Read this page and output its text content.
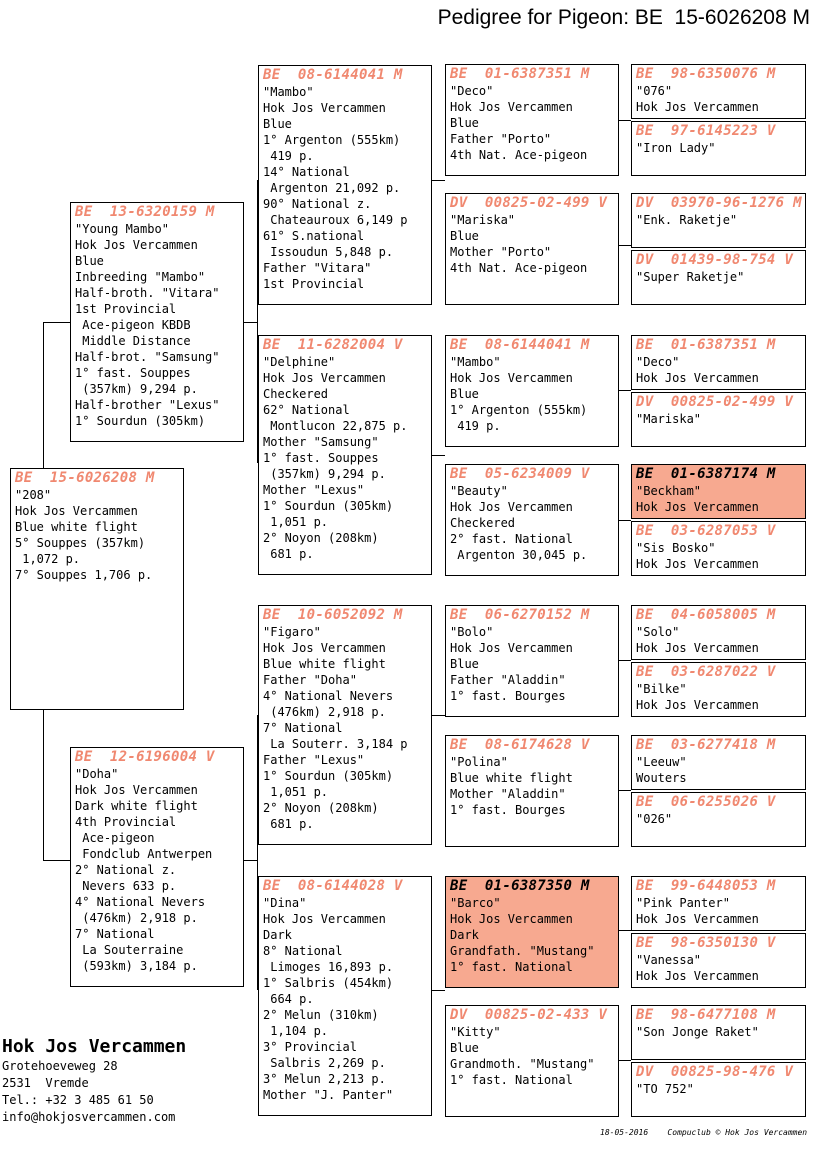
Pedigree for Pigeon: BE  15-6026208 M
BE  15-6026208 M
"208"
Hok Jos Vercammen
Blue white flight
5° Souppes (357km)
1,072 p.
7° Souppes 1,706 p.
BE  13-6320159 M
"Young Mambo"
Hok Jos Vercammen
Blue
Inbreeding "Mambo"
Half-broth. "Vitara"
1st Provincial
Ace-pigeon KBDB
Middle Distance
Half-brot. "Samsung"
1° fast. Souppes
(357km) 9,294 p.
Half-brother "Lexus"
1° Sourdun (305km)
BE  12-6196004 V
"Doha"
Hok Jos Vercammen
Dark white flight
4th Provincial
Ace-pigeon
Fondclub Antwerpen
2° National z.
Nevers 633 p.
4° National Nevers
(476km) 2,918 p.
7° National
La Souterraine
(593km) 3,184 p.
BE  08-6144041 M
"Mambo"
Hok Jos Vercammen
Blue
1° Argenton (555km)
419 p.
14° National
Argenton 21,092 p.
90° National z.
Chateauroux 6,149 p
61° S.national
Issoudun 5,848 p.
Father "Vitara"
1st Provincial
BE  11-6282004 V
"Delphine"
Hok Jos Vercammen
Checkered
62° National
Montlucon 22,875 p.
Mother "Samsung"
1° fast. Souppes
(357km) 9,294 p.
Mother "Lexus"
1° Sourdun (305km)
1,051 p.
2° Noyon (208km)
681 p.
BE  10-6052092 M
"Figaro"
Hok Jos Vercammen
Blue white flight
Father "Doha"
4° National Nevers
(476km) 2,918 p.
7° National
La Souterr. 3,184 p
Father "Lexus"
1° Sourdun (305km)
1,051 p.
2° Noyon (208km)
681 p.
BE  08-6144028 V
"Dina"
Hok Jos Vercammen
Dark
8° National
Limoges 16,893 p.
1° Salbris (454km)
664 p.
2° Melun (310km)
1,104 p.
3° Provincial
Salbris 2,269 p.
3° Melun 2,213 p.
Mother "J. Panter"
BE  01-6387351 M
"Deco"
Hok Jos Vercammen
Blue
Father "Porto"
4th Nat. Ace-pigeon
DV  00825-02-499 V
"Mariska"
Blue
Mother "Porto"
4th Nat. Ace-pigeon
BE  08-6144041 M
"Mambo"
Hok Jos Vercammen
Blue
1° Argenton (555km)
419 p.
BE  05-6234009 V
"Beauty"
Hok Jos Vercammen
Checkered
2° fast. National
Argenton 30,045 p.
BE  06-6270152 M
"Bolo"
Hok Jos Vercammen
Blue
Father "Aladdin"
1° fast. Bourges
BE  08-6174628 V
"Polina"
Blue white flight
Mother "Aladdin"
1° fast. Bourges
BE  01-6387350 M
"Barco"
Hok Jos Vercammen
Dark
Grandfath. "Mustang"
1° fast. National
DV  00825-02-433 V
"Kitty"
Blue
Grandmoth. "Mustang"
1° fast. National
BE  98-6350076 M
"076"
Hok Jos Vercammen
BE  97-6145223 V
"Iron Lady"
DV  03970-96-1276 M
"Enk. Raketje"
DV  01439-98-754 V
"Super Raketje"
BE  01-6387351 M
"Deco"
Hok Jos Vercammen
DV  00825-02-499 V
"Mariska"
BE  01-6387174 M
"Beckham"
Hok Jos Vercammen
BE  03-6287053 V
"Sis Bosko"
Hok Jos Vercammen
BE  04-6058005 M
"Solo"
Hok Jos Vercammen
BE  03-6287022 V
"Bilke"
Hok Jos Vercammen
BE  03-6277418 M
"Leeuw"
Wouters
BE  06-6255026 V
"026"
BE  99-6448053 M
"Pink Panter"
Hok Jos Vercammen
BE  98-6350130 V
"Vanessa"
Hok Jos Vercammen
BE  98-6477108 M
"Son Jonge Raket"
DV  00825-98-476 V
"TO 752"
Hok Jos Vercammen
Grotehoeveweg 28
2531  Vremde
Tel.: +32 3 485 61 50
info@hokjosvercammen.com
18-05-2016    Compuclub © Hok Jos Vercammen
